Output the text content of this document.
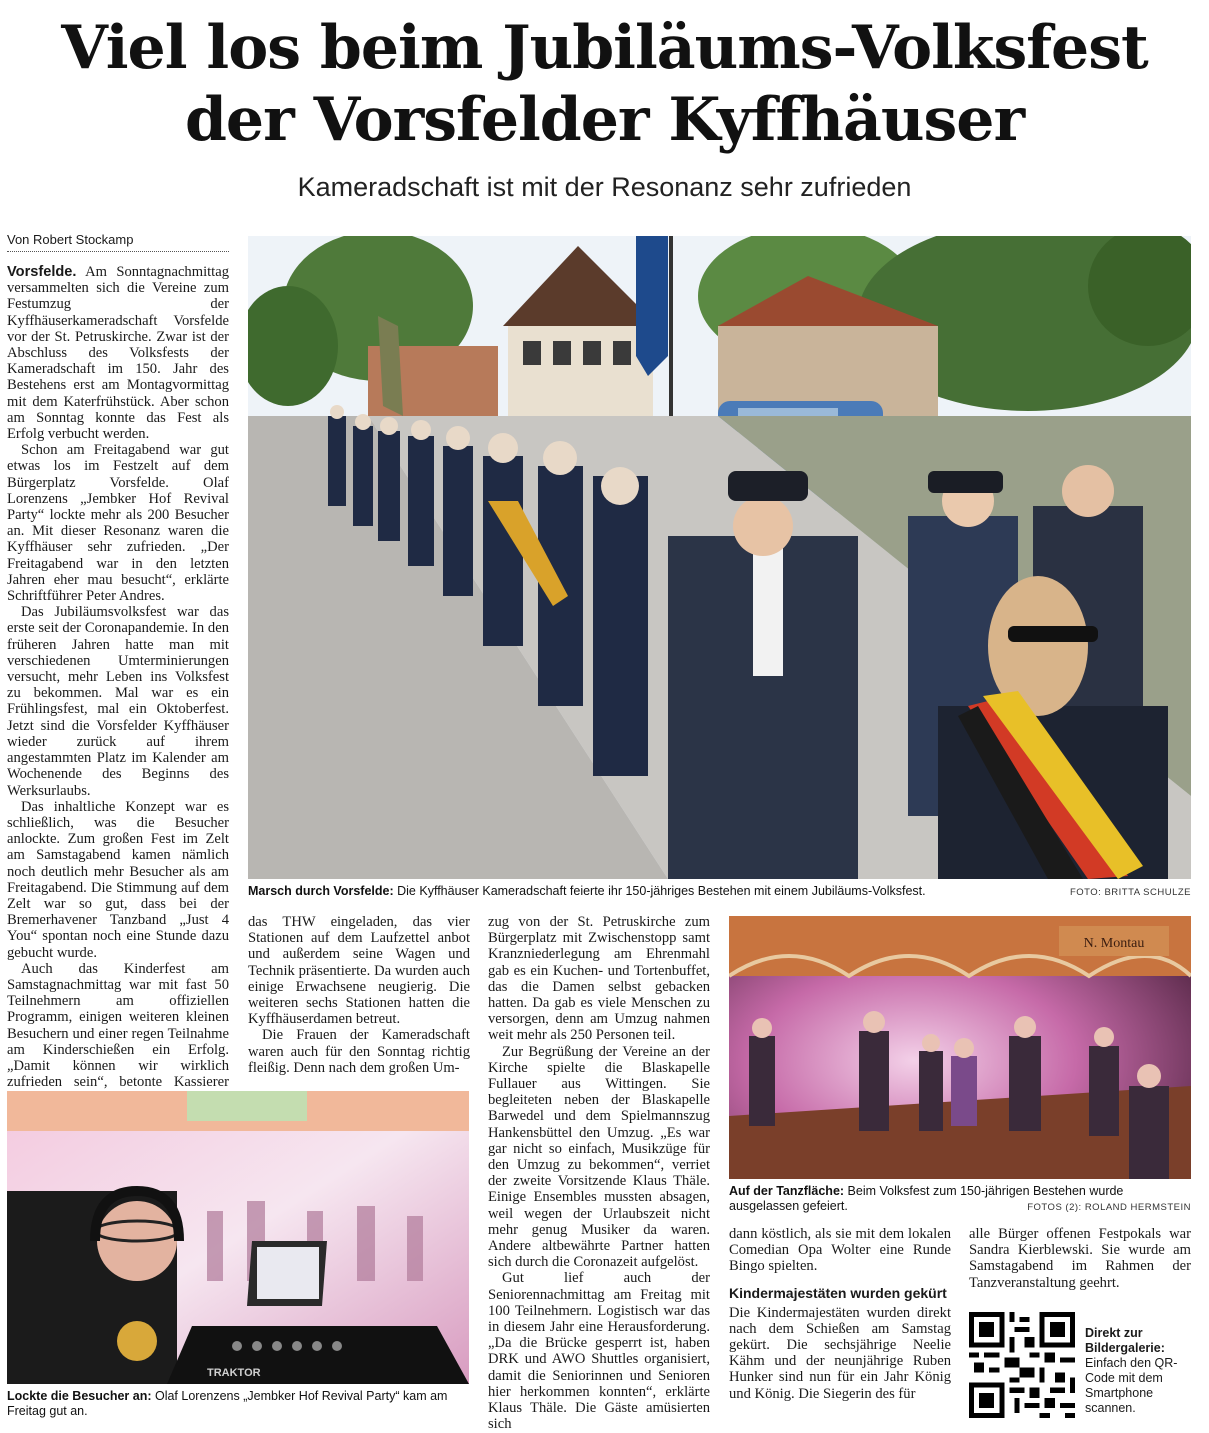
Viel los beim Jubiläums-Volksfest
der Vorsfelder Kyffhäuser
Kameradschaft ist mit der Resonanz sehr zufrieden
Von Robert Stockamp

Vorsfelde. Am Sonntagnachmittag versammelten sich die Vereine zum Festumzug der Kyffhäuserkameradschaft Vorsfelde vor der St. Petruskirche. Zwar ist der Abschluss des Volksfests der Kameradschaft im 150. Jahr des Bestehens erst am Montagvormittag mit dem Katerfrühstück. Aber schon am Sonntag konnte das Fest als Erfolg verbucht werden.

Schon am Freitagabend war gut etwas los im Festzelt auf dem Bürgerplatz Vorsfelde. Olaf Lorenzens „Jembker Hof Revival Party“ lockte mehr als 200 Besucher an. Mit dieser Resonanz waren die Kyffhäuser sehr zufrieden. „Der Freitagabend war in den letzten Jahren eher mau besucht“, erklärte Schriftführer Peter Andres.

Das Jubiläumsvolksfest war das erste seit der Coronapandemie. In den früheren Jahren hatte man mit verschiedenen Umterminierungen versucht, mehr Leben ins Volksfest zu bekommen. Mal war es ein Frühlingsfest, mal ein Oktoberfest. Jetzt sind die Vorsfelder Kyffhäuser wieder zurück auf ihrem angestammten Platz im Kalender am Wochenende des Beginns des Werksurlaubs.

Das inhaltliche Konzept war es schließlich, was die Besucher anlockte. Zum großen Fest im Zelt am Samstagabend kamen nämlich noch deutlich mehr Besucher als am Freitagabend. Die Stimmung auf dem Zelt war so gut, dass bei der Bremerhavener Tanzband „Just 4 You“ spontan noch eine Stunde dazu gebucht wurde.

Auch das Kinderfest am Samstagnachmittag war mit fast 50 Teilnehmern am offiziellen Programm, einigen weiteren kleinen Besuchern und einer regen Teilnahme am Kinderschießen ein Erfolg. „Damit können wir wirklich zufrieden sein“, betonte Kassierer

Marsch durch Vorsfelde: Die Kyffhäuser Kameradschaft feierte ihr 150-jähriges Bestehen mit einem Jubiläums-Volksfest.	FOTO: BRITTA SCHULZE

das THW eingeladen, das vier Stationen auf dem Laufzettel anbot und außerdem seine Wagen und Technik präsentierte. Da wurden auch einige Erwachsene neugierig. Die weiteren sechs Stationen hatten die Kyffhäuserdamen betreut.

Die Frauen der Kameradschaft waren auch für den Sonntag richtig fleißig. Denn nach dem großen Um-

zug von der St. Petruskirche zum Bürgerplatz mit Zwischenstopp samt Kranzniederlegung am Ehrenmahl gab es ein Kuchen- und Tortenbuffet, das die Damen selbst gebacken hatten. Da gab es viele Menschen zu versorgen, denn am Umzug nahmen weit mehr als 250 Personen teil.

Zur Begrüßung der Vereine an der Kirche spielte die Blaskapelle Fullauer aus Wittingen. Sie begleiteten neben der Blaskapelle Barwedel und dem Spielmannszug Hankensbüttel den Umzug. „Es war gar nicht so einfach, Musikzüge für den Umzug zu bekommen“, verriet der zweite Vorsitzende Klaus Thäle. Einige Ensembles mussten absagen, weil wegen der Urlaubszeit nicht mehr genug Musiker da waren. Andere altbewährte Partner hatten sich durch die Coronazeit aufgelöst.

Gut lief auch der Seniorennachmittag am Freitag mit 100 Teilnehmern. Logistisch war das in diesem Jahr eine Herausforderung. „Da die Brücke gesperrt ist, haben DRK und AWO Shuttles organisiert, damit die Seniorinnen und Senioren hier herkommen konnten“, erklärte Klaus Thäle. Die Gäste amüsierten sich

N. Montau
Auf der Tanzfläche: Beim Volksfest zum 150-jährigen Bestehen wurde ausgelassen gefeiert.	FOTOS (2): ROLAND HERMSTEIN
TRAKTOR
Lockte die Besucher an: Olaf Lorenzens „Jembker Hof Revival Party“ kam am Freitag gut an.

dann köstlich, als sie mit dem lokalen Comedian Opa Wolter eine Runde Bingo spielten.

Kindermajestäten wurden gekürt

Die Kindermajestäten wurden direkt nach dem Schießen am Samstag gekürt. Die sechsjährige Neelie Kähm und der neunjährige Ruben Hunker sind nun für ein Jahr König und König. Die Siegerin des für

alle Bürger offenen Festpokals war Sandra Kierblewski. Sie wurde am Samstagabend im Rahmen der Tanzveranstaltung geehrt.

Direkt zur Bildergalerie:
Einfach den QR-Code mit dem Smartphone scannen.
